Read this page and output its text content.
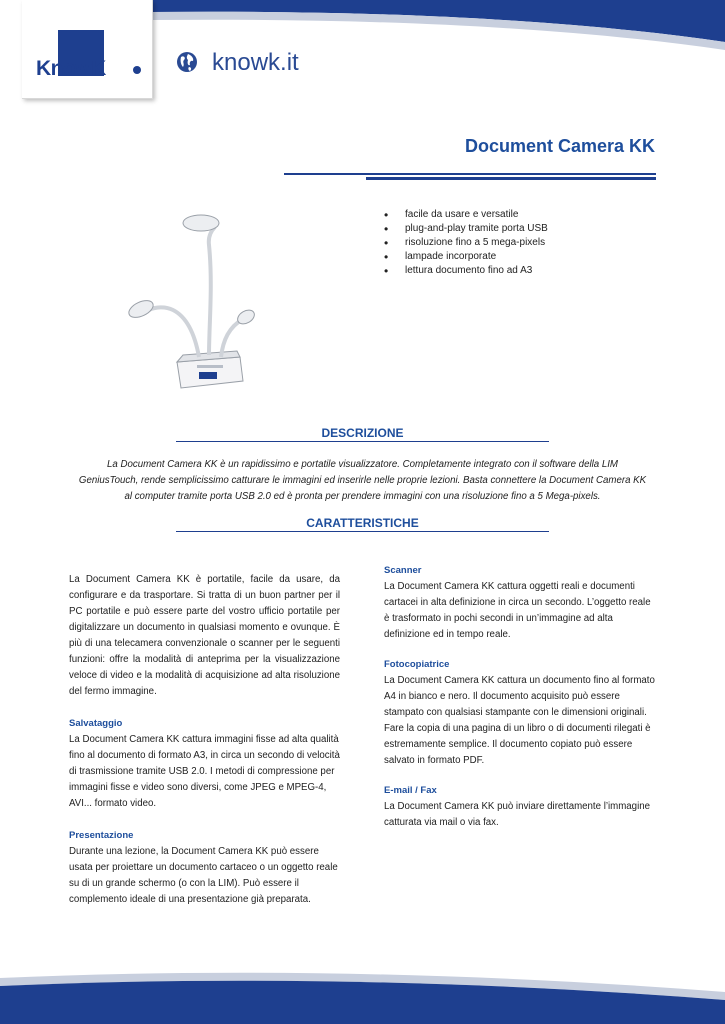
KnowK	knowk.it
Document Camera KK
• facile da usare e versatile
• plug-and-play tramite porta USB
• risoluzione fino a 5 mega-pixels
• lampade incorporate
• lettura documento fino ad A3
DESCRIZIONE
La Document Camera KK è un rapidissimo e portatile visualizzatore. Completamente integrato con il software della LIM
GeniusTouch, rende semplicissimo catturare le immagini ed inserirle nelle proprie lezioni. Basta connettere la Document Camera KK
al computer tramite porta USB 2.0 ed è pronta per prendere immagini con una risoluzione fino a 5 Mega-pixels.
CARATTERISTICHE

La Document Camera KK è portatile, facile da usare, da configurare e da trasportare. Si tratta di un buon partner per il PC portatile e può essere parte del vostro ufficio portatile per digitalizzare un documento in qualsiasi momento e ovunque. È più di una telecamera convenzionale o scanner per le seguenti funzioni: offre la modalità di anteprima per la visualizzazione veloce di video e la modalità di acquisizione ad alta risoluzione del fermo immagine.

Salvataggio

La Document Camera KK cattura immagini fisse ad alta qualità fino al documento di formato A3, in circa un secondo di velocità di trasmissione tramite USB 2.0. I metodi di compressione per immagini fisse e video sono diversi, come JPEG e MPEG-4, AVI... formato video.

Presentazione

Durante una lezione, la Document Camera KK può essere usata per proiettare un documento cartaceo o un oggetto reale su di un grande schermo (o con la LIM). Può essere il complemento ideale di una presentazione già preparata.

Scanner

La Document Camera KK cattura oggetti reali e documenti cartacei in alta definizione in circa un secondo. L’oggetto reale è trasformato in pochi secondi in un’immagine ad alta definizione ed in tempo reale.

Fotocopiatrice

La Document Camera KK cattura un documento fino al formato A4 in bianco e nero. Il documento acquisito può essere stampato con qualsiasi stampante con le dimensioni originali. Fare la copia di una pagina di un libro o di documenti rilegati è estremamente semplice. Il documento copiato può essere salvato in formato PDF.

E-mail / Fax

La Document Camera KK può inviare direttamente l’immagine catturata via mail o via fax.
